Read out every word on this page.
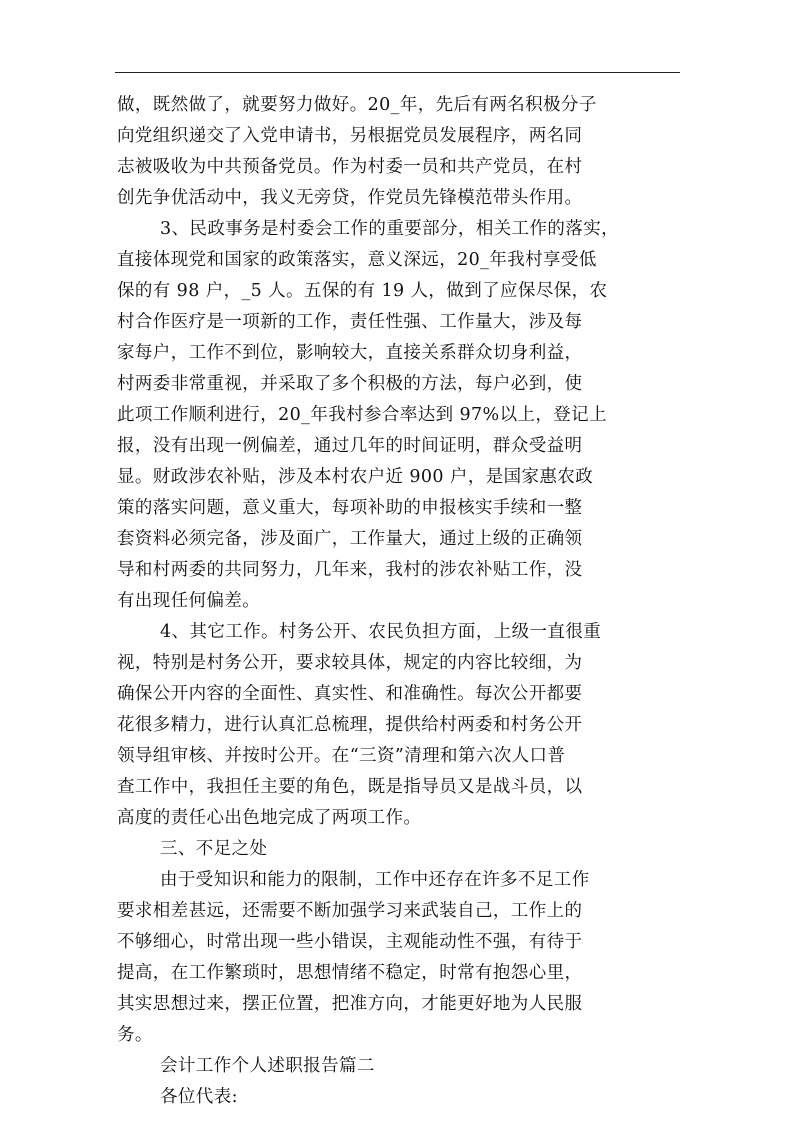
做，既然做了，就要努力做好。20_年，先后有两名积极分子
向党组织递交了入党申请书，另根据党员发展程序，两名同
志被吸收为中共预备党员。作为村委一员和共产党员，在村
创先争优活动中，我义无旁贷，作党员先锋模范带头作用。
3、民政事务是村委会工作的重要部分，相关工作的落实，
直接体现党和国家的政策落实，意义深远，20_年我村享受低
保的有 98 户，_5 人。五保的有 19 人，做到了应保尽保，农
村合作医疗是一项新的工作，责任性强、工作量大，涉及每
家每户，工作不到位，影响较大，直接关系群众切身利益，
村两委非常重视，并采取了多个积极的方法，每户必到，使
此项工作顺利进行，20_年我村参合率达到 97%以上，登记上
报，没有出现一例偏差，通过几年的时间证明，群众受益明
显。财政涉农补贴，涉及本村农户近 900 户，是国家惠农政
策的落实问题，意义重大，每项补助的申报核实手续和一整
套资料必须完备，涉及面广，工作量大，通过上级的正确领
导和村两委的共同努力，几年来，我村的涉农补贴工作，没
有出现任何偏差。
4、其它工作。村务公开、农民负担方面，上级一直很重
视，特别是村务公开，要求较具体，规定的内容比较细，为
确保公开内容的全面性、真实性、和准确性。每次公开都要
花很多精力，进行认真汇总梳理，提供给村两委和村务公开
领导组审核、并按时公开。在“三资”清理和第六次人口普
查工作中，我担任主要的角色，既是指导员又是战斗员，以
高度的责任心出色地完成了两项工作。
三、不足之处
由于受知识和能力的限制，工作中还存在许多不足工作
要求相差甚远，还需要不断加强学习来武装自己，工作上的
不够细心，时常出现一些小错误，主观能动性不强，有待于
提高，在工作繁琐时，思想情绪不稳定，时常有抱怨心里，
其实思想过来，摆正位置，把准方向，才能更好地为人民服
务。
会计工作个人述职报告篇二
各位代表:
